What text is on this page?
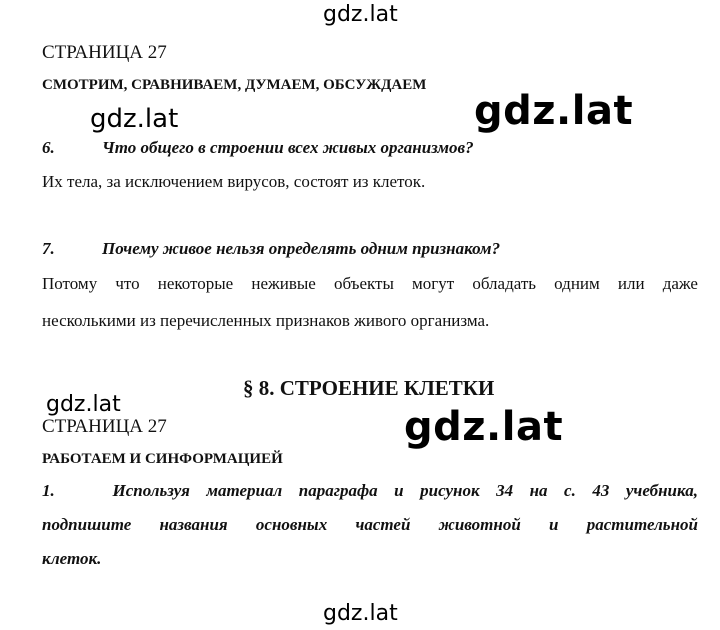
gdz.lat
gdz.lat	gdz.lat
gdz.lat	gdz.lat
gdz.lat
СТРАНИЦА 27
СМОТРИМ, СРАВНИВАЕМ, ДУМАЕМ, ОБСУЖДАЕМ
6.	Что общего в строении всех живых организмов?
Их тела, за исключением вирусов, состоят из клеток.
7.	Почему живое нельзя определять одним признаком?
Потому что некоторые неживые объекты могут обладать одним или даже
несколькими из перечисленных признаков живого организма.
§ 8. СТРОЕНИЕ КЛЕТКИ
СТРАНИЦА 27
РАБОТАЕМ И СИНФОРМАЦИЕЙ
1.	Используя материал параграфа и рисунок 34 на с. 43 учебника,
подпишите названия основных частей животной и растительной
клеток.
